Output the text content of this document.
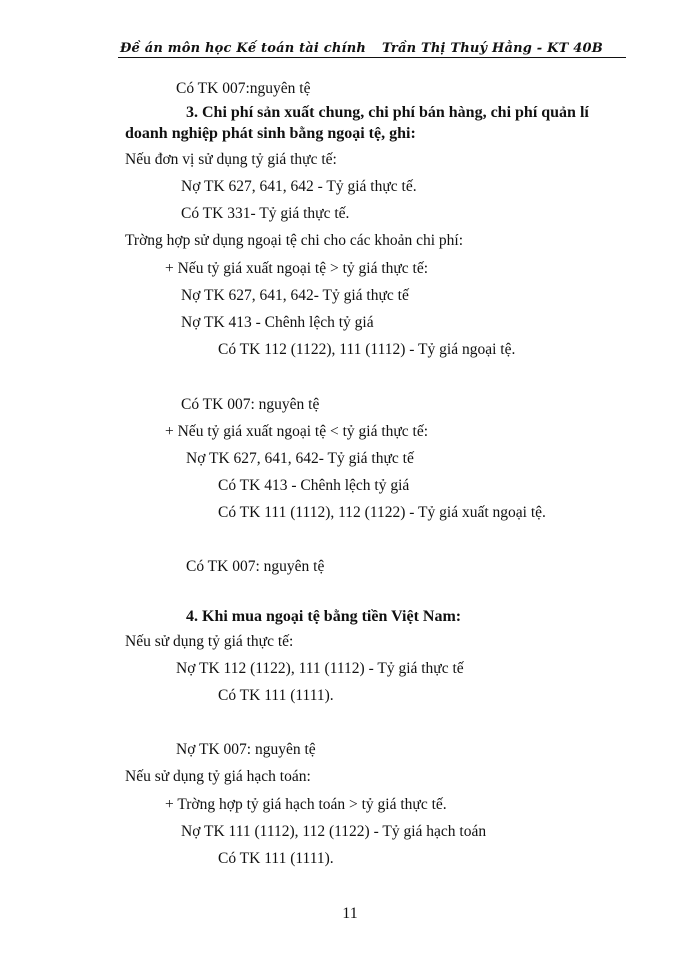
Đề án môn học Kế toán tài chính Trần Thị Thuý Hằng - KT 40B
Có TK 007:nguyên tệ
3. Chi phí sản xuất chung, chi phí bán hàng, chi phí quản lí
doanh nghiệp phát sinh bằng ngoại tệ, ghi:
Nếu đơn vị sử dụng tỷ giá thực tế:
Nợ TK 627, 641, 642 - Tỷ giá thực tế.
Có TK 331- Tỷ giá thực tế.
Trờng hợp sử dụng ngoại tệ chi cho các khoản chi phí:
+ Nếu tỷ giá xuất ngoại tệ > tỷ giá thực tế:
Nợ TK 627, 641, 642- Tỷ giá thực tế
Nợ TK 413 - Chênh lệch tỷ giá
Có TK 112 (1122), 111 (1112) - Tỷ giá ngoại tệ.
Có TK 007: nguyên tệ
+ Nếu tỷ giá xuất ngoại tệ < tỷ giá thực tế:
Nợ TK 627, 641, 642- Tỷ giá thực tế
Có TK 413 - Chênh lệch tỷ giá
Có TK 111 (1112), 112 (1122) - Tỷ giá xuất ngoại tệ.
Có TK 007: nguyên tệ
4. Khi mua ngoại tệ bằng tiền Việt Nam:
Nếu sử dụng tỷ giá thực tế:
Nợ TK 112 (1122), 111 (1112) - Tỷ giá thực tế
Có TK 111 (1111).
Nợ TK 007: nguyên tệ
Nếu sử dụng tỷ giá hạch toán:
+ Trờng hợp tỷ giá hạch toán > tỷ giá thực tế.
Nợ TK 111 (1112), 112 (1122) - Tỷ giá hạch toán
Có TK 111 (1111).
11
